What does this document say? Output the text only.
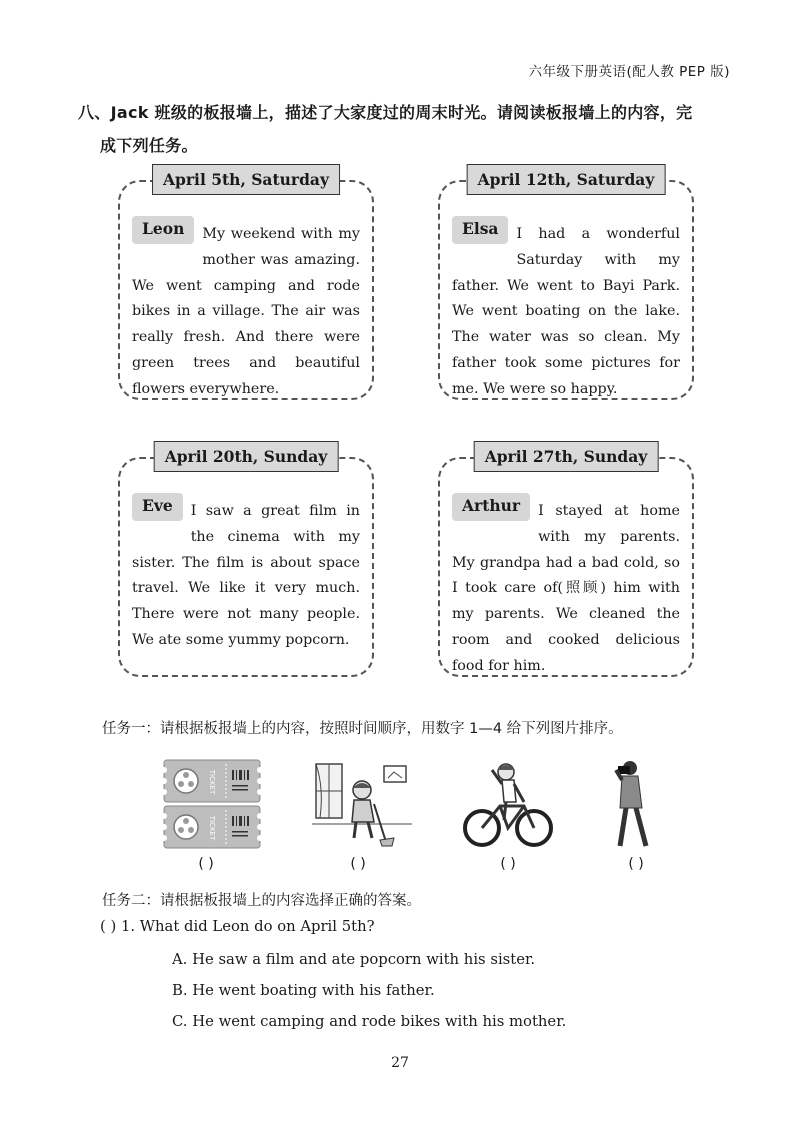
六年级下册英语(配人教 PEP 版)
八、Jack 班级的板报墙上，描述了大家度过的周末时光。请阅读板报墙上的内容，完
成下列任务。
April 5th, Saturday
Leon	My weekend with my mother was amazing. We went camping and rode bikes in a village. The air was really fresh. And there were green trees and beautiful flowers everywhere.
April 12th, Saturday
Elsa	I had a wonderful Saturday with my father. We went to Bayi Park. We went boating on the lake. The water was so clean. My father took some pictures for me. We were so happy.
April 20th, Sunday
Eve	I saw a great film in the cinema with my sister. The film is about space travel. We like it very much. There were not many people. We ate some yummy popcorn.
April 27th, Sunday
Arthur	I stayed at home with my parents. My grandpa had a bad cold, so I took care of(照顾) him with my parents. We cleaned the room and cooked delicious food for him.
任务一：请根据板报墙上的内容，按照时间顺序，用数字 1—4 给下列图片排序。
TICKET
TICKET
( )	( )	( )	( )
任务二：请根据板报墙上的内容选择正确的答案。
( ) 1. What did Leon do on April 5th?
A. He saw a film and ate popcorn with his sister.
B. He went boating with his father.
C. He went camping and rode bikes with his mother.
27
